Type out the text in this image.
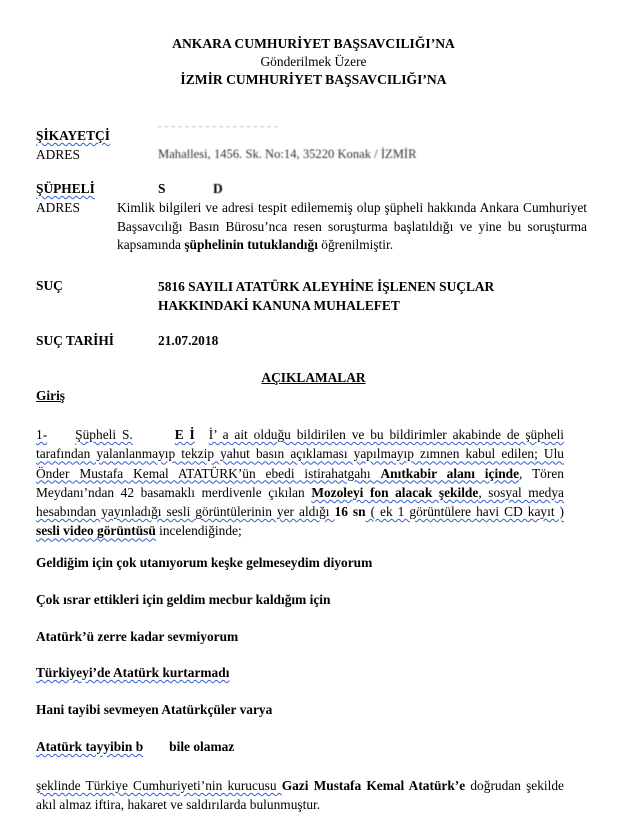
ANKARA CUMHURİYET BAŞSAVCILIĞI’NA
Gönderilmek Üzere
İZMİR CUMHURİYET BAŞSAVCILIĞI’NA
ŞİKAYETÇİ	‾ ‾ ‾ ‾ ‾ ‾ ‾ ‾ ‾ ‾ ‾ ‾ ‾ ‾ ‾ ‾ ‾ ‾
ADRES	Mahallesi, 1456. Sk. No:14, 35220 Konak / İZMİR
ŞÜPHELİ	S	D
ADRES	Kimlik bilgileri ve adresi tespit edilememiş olup şüpheli hakkında Ankara Cumhuriyet Başsavcılığı Basın Bürosu’nca resen soruşturma başlatıldığı ve yine bu soruşturma kapsamında şüphelinin tutuklandığı öğrenilmiştir.
SUÇ	5816 SAYILI ATATÜRK ALEYHİNE İŞLENEN SUÇLAR
HAKKINDAKİ KANUNA MUHALEFET
SUÇ TARİHİ	21.07.2018
AÇIKLAMALAR
Giriş
1- Şüpheli S.	E İ İ’ a ait olduğu bildirilen ve bu bildirimler akabinde de şüpheli tarafından yalanlanmayıp tekzip yahut basın açıklaması yapılmayıp zımnen kabul edilen; Ulu Önder Mustafa Kemal ATATÜRK’ün ebedi istirahatgahı Anıtkabir alanı içinde, Tören Meydanı’ndan 42 basamaklı merdivenle çıkılan Mozoleyi fon alacak şekilde, sosyal medya hesabından yayınladığı sesli görüntülerinin yer aldığı 16 sn ( ek 1 görüntülere havi CD kayıt ) sesli video görüntüsü incelendiğinde;
Geldiğim için çok utanıyorum keşke gelmeseydim diyorum
Çok ısrar ettikleri için geldim mecbur kaldığım için
Atatürk’ü zerre kadar sevmiyorum
Türkiyeyi’de Atatürk kurtarmadı
Hani tayibi sevmeyen Atatürkçüler varya
Atatürk tayyibin b bile olamaz
şeklinde Türkiye Cumhuriyeti’nin kurucusu Gazi Mustafa Kemal Atatürk’e doğrudan şekilde akıl almaz iftira, hakaret ve saldırılarda bulunmuştur.
